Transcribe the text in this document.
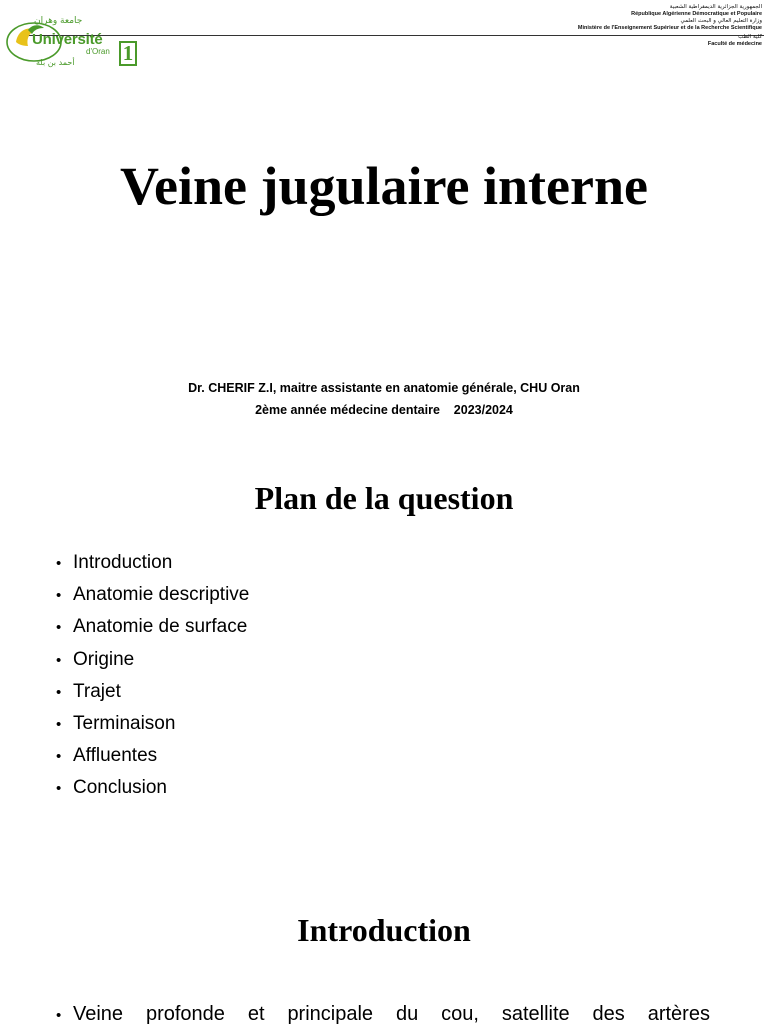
جامعة وهران
Université
d'Oran 1
أحمد بن بلة
الجمهورية الجزائرية الديمقراطية الشعبية
République Algérienne Démocratique et Populaire
وزارة التعليم العالي و البحث العلمي
Ministère de l'Enseignement Supérieur et de la Recherche Scientifique
كلية الطب
Faculté de médecine
Veine jugulaire interne
Dr. CHERIF Z.I, maitre assistante en anatomie générale, CHU Oran
2ème année médecine dentaire    2023/2024
Plan de la question
• Introduction
• Anatomie descriptive
• Anatomie de surface
• Origine
• Trajet
• Terminaison
• Affluentes
• Conclusion
Introduction
• Veine profonde et principale du cou, satellite des artères
